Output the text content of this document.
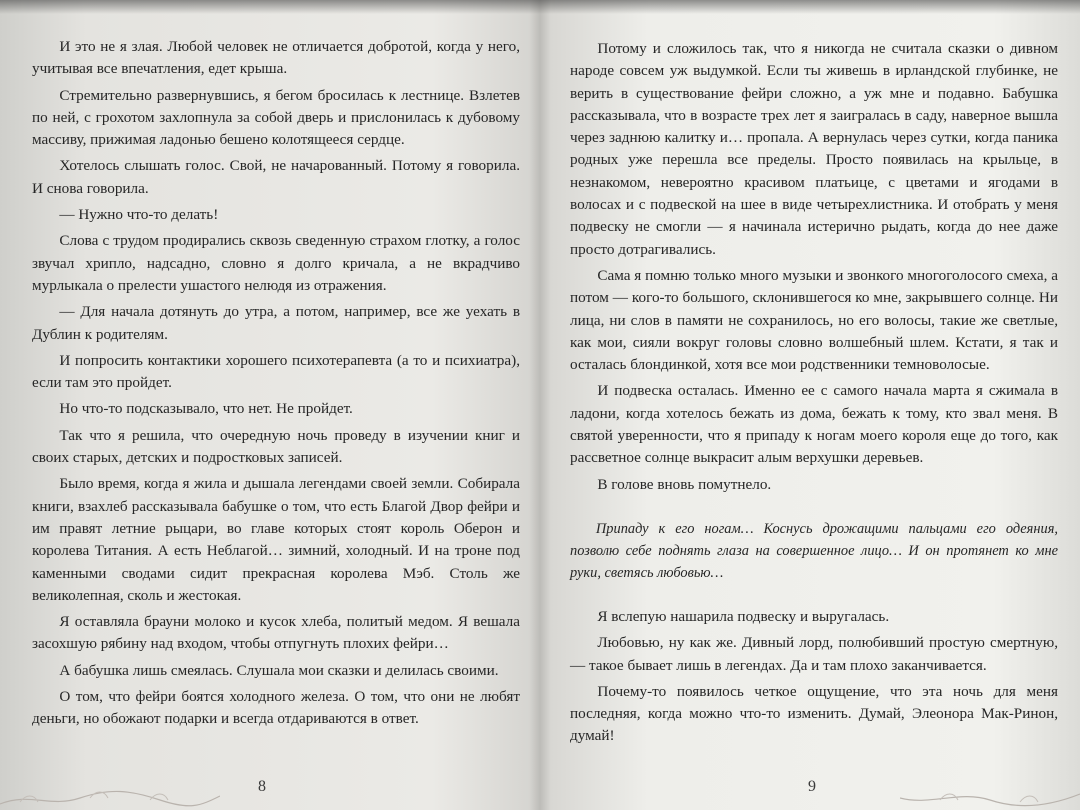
И это не я злая. Любой человек не отличается добротой, когда у него, учитывая все впечатления, едет крыша.

Стремительно развернувшись, я бегом бросилась к лестнице. Взлетев по ней, с грохотом захлопнула за собой дверь и прислонилась к дубовому массиву, прижимая ладонью бешено колотящееся сердце.

Хотелось слышать голос. Свой, не начарованный. Потому я говорила. И снова говорила.

— Нужно что-то делать!

Слова с трудом продирались сквозь сведенную страхом глотку, а голос звучал хрипло, надсадно, словно я долго кричала, а не вкрадчиво мурлыкала о прелести ушастого нелюдя из отражения.

— Для начала дотянуть до утра, а потом, например, все же уехать в Дублин к родителям.

И попросить контактики хорошего психотерапевта (а то и психиатра), если там это пройдет.

Но что-то подсказывало, что нет. Не пройдет.

Так что я решила, что очередную ночь проведу в изучении книг и своих старых, детских и подростковых записей.

Было время, когда я жила и дышала легендами своей земли. Собирала книги, взахлеб рассказывала бабушке о том, что есть Благой Двор фейри и им правят летние рыцари, во главе которых стоят король Оберон и королева Титания. А есть Неблагой… зимний, холодный. И на троне под каменными сводами сидит прекрасная королева Мэб. Столь же великолепная, сколь и жестокая.

Я оставляла брауни молоко и кусок хлеба, политый медом. Я вешала засохшую рябину над входом, чтобы отпугнуть плохих фейри…

А бабушка лишь смеялась. Слушала мои сказки и делилась своими.

О том, что фейри боятся холодного железа. О том, что они не любят деньги, но обожают подарки и всегда отдариваются в ответ.

8

Потому и сложилось так, что я никогда не считала сказки о дивном народе совсем уж выдумкой. Если ты живешь в ирландской глубинке, не верить в существование фейри сложно, а уж мне и подавно. Бабушка рассказывала, что в возрасте трех лет я заигралась в саду, наверное вышла через заднюю калитку и… пропала. А вернулась через сутки, когда паника родных уже перешла все пределы. Просто появилась на крыльце, в незнакомом, невероятно красивом платьице, с цветами и ягодами в волосах и с подвеской на шее в виде четырехлистника. И отобрать у меня подвеску не смогли — я начинала истерично рыдать, когда до нее даже просто дотрагивались.

Сама я помню только много музыки и звонкого многоголосого смеха, а потом — кого-то большого, склонившегося ко мне, закрывшего солнце. Ни лица, ни слов в памяти не сохранилось, но его волосы, такие же светлые, как мои, сияли вокруг головы словно волшебный шлем. Кстати, я так и осталась блондинкой, хотя все мои родственники темноволосые.

И подвеска осталась. Именно ее с самого начала марта я сжимала в ладони, когда хотелось бежать из дома, бежать к тому, кто звал меня. В святой уверенности, что я припаду к ногам моего короля еще до того, как рассветное солнце выкрасит алым верхушки деревьев.

В голове вновь помутнело.

Припаду к его ногам… Коснусь дрожащими пальцами его одеяния, позволю себе поднять глаза на совершенное лицо… И он протянет ко мне руки, светясь любовью…

Я вслепую нашарила подвеску и выругалась.

Любовью, ну как же. Дивный лорд, полюбивший простую смертную, — такое бывает лишь в легендах. Да и там плохо заканчивается.

Почему-то появилось четкое ощущение, что эта ночь для меня последняя, когда можно что-то изменить. Думай, Элеонора Мак-Ринон, думай!

9
